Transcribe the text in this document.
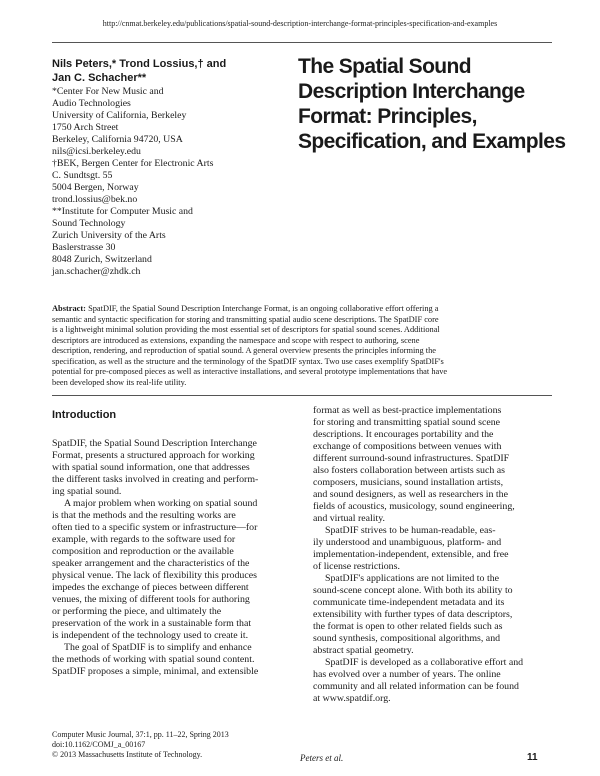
http://cnmat.berkeley.edu/publications/spatial-sound-description-interchange-format-principles-specification-and-examples
Nils Peters,* Trond Lossius,† and
Jan C. Schacher**
*Center For New Music and
Audio Technologies
University of California, Berkeley
1750 Arch Street
Berkeley, California 94720, USA
nils@icsi.berkeley.edu
†BEK, Bergen Center for Electronic Arts
C. Sundtsgt. 55
5004 Bergen, Norway
trond.lossius@bek.no
**Institute for Computer Music and
Sound Technology
Zurich University of the Arts
Baslerstrasse 30
8048 Zurich, Switzerland
jan.schacher@zhdk.ch
The Spatial Sound
Description Interchange
Format: Principles,
Specification, and Examples
Abstract: SpatDIF, the Spatial Sound Description Interchange Format, is an ongoing collaborative effort offering a
semantic and syntactic specification for storing and transmitting spatial audio scene descriptions. The SpatDIF core
is a lightweight minimal solution providing the most essential set of descriptors for spatial sound scenes. Additional
descriptors are introduced as extensions, expanding the namespace and scope with respect to authoring, scene
description, rendering, and reproduction of spatial sound. A general overview presents the principles informing the
specification, as well as the structure and the terminology of the SpatDIF syntax. Two use cases exemplify SpatDIF's
potential for pre-composed pieces as well as interactive installations, and several prototype implementations that have
been developed show its real-life utility.
Introduction
SpatDIF, the Spatial Sound Description Interchange
Format, presents a structured approach for working
with spatial sound information, one that addresses
the different tasks involved in creating and perform-
ing spatial sound.
A major problem when working on spatial sound
is that the methods and the resulting works are
often tied to a specific system or infrastructure—for
example, with regards to the software used for
composition and reproduction or the available
speaker arrangement and the characteristics of the
physical venue. The lack of flexibility this produces
impedes the exchange of pieces between different
venues, the mixing of different tools for authoring
or performing the piece, and ultimately the
preservation of the work in a sustainable form that
is independent of the technology used to create it.
The goal of SpatDIF is to simplify and enhance
the methods of working with spatial sound content.
SpatDIF proposes a simple, minimal, and extensible
format as well as best-practice implementations
for storing and transmitting spatial sound scene
descriptions. It encourages portability and the
exchange of compositions between venues with
different surround-sound infrastructures. SpatDIF
also fosters collaboration between artists such as
composers, musicians, sound installation artists,
and sound designers, as well as researchers in the
fields of acoustics, musicology, sound engineering,
and virtual reality.
SpatDIF strives to be human-readable, eas-
ily understood and unambiguous, platform- and
implementation-independent, extensible, and free
of license restrictions.
SpatDIF's applications are not limited to the
sound-scene concept alone. With both its ability to
communicate time-independent metadata and its
extensibility with further types of data descriptors,
the format is open to other related fields such as
sound synthesis, compositional algorithms, and
abstract spatial geometry.
SpatDIF is developed as a collaborative effort and
has evolved over a number of years. The online
community and all related information can be found
at www.spatdif.org.
Computer Music Journal, 37:1, pp. 11–22, Spring 2013
doi:10.1162/COMJ_a_00167
© 2013 Massachusetts Institute of Technology.	Peters et al.	11
